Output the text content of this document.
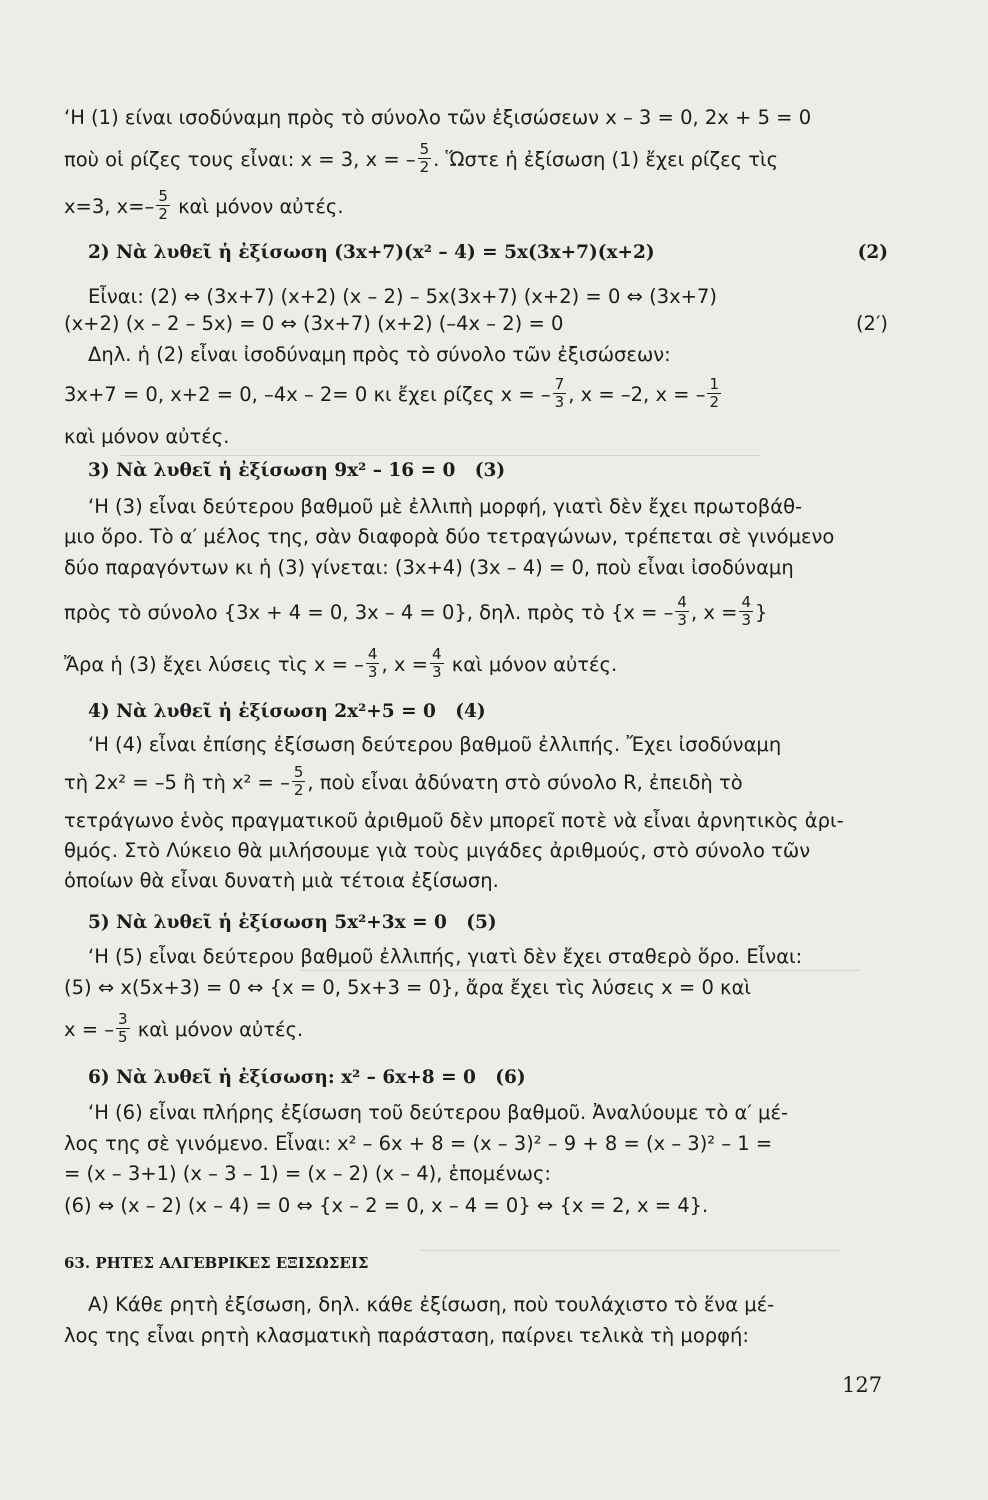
‘Η (1) είναι ισοδύναμη πρὸς τὸ σύνολο τῶν ἐξισώσεων x – 3 = 0, 2x + 5 = 0
ποὺ οἱ ρίζες τους εἶναι: x = 3, x = – $\frac{5}{2}$ . Ὥστε ἡ ἐξίσωση (1) ἔχει ρίζες τὶς
x=3, $x=- \frac{5}{2}$ καὶ μόνον αὐτές.
2) Νὰ λυθεῖ ἡ ἐξίσωση (3x+7)(x² – 4) = 5x(3x+7)(x+2)	(2)
Εἶναι: (2) ⇔ (3x+7) (x+2) (x – 2) – 5x(3x+7) (x+2) = 0 ⇔ (3x+7)
(x+2) (x – 2 – 5x) = 0 ⇔ (3x+7) (x+2) (–4x – 2) = 0	(2′)
Δηλ. ἡ (2) εἶναι ἰσοδύναμη πρὸς τὸ σύνολο τῶν ἐξισώσεων:
3x+7 = 0, x+2 = 0, –4x – 2= 0 κι ἔχει ρίζες x = – $\frac{7}{3}$ , x = –2, x = – $\frac{1}{2}$
καὶ μόνον αὐτές.
3) Νὰ λυθεῖ ἡ ἐξίσωση 9x² – 16 = 0 (3)
‘Η (3) εἶναι δεύτερου βαθμοῦ μὲ ἐλλιπὴ μορφή, γιατὶ δὲν ἔχει πρωτοβάθ-
μιο ὅρο. Τὸ α′ μέλος της, σὰν διαφορὰ δύο τετραγώνων, τρέπεται σὲ γινόμενο
δύο παραγόντων κι ἡ (3) γίνεται: (3x+4) (3x – 4) = 0, ποὺ εἶναι ἰσοδύναμη
πρὸς τὸ σύνολο {3x + 4 = 0, 3x – 4 = 0}, δηλ. πρὸς τὸ {x = – $\frac{4}{3}$ , $x = \frac{4}{3}$ }
Ἄρα ἡ (3) ἔχει λύσεις τὶς x = – $\frac{4}{3}$ , $x = \frac{4}{3}$ καὶ μόνον αὐτές.
4) Νὰ λυθεῖ ἡ ἐξίσωση 2x²+5 = 0 (4)
‘Η (4) εἶναι ἐπίσης ἐξίσωση δεύτερου βαθμοῦ ἐλλιπής. Ἔχει ἰσοδύναμη
τὴ 2x² = –5 ἢ τὴ x² = – $\frac{5}{2}$ , ποὺ εἶναι ἀδύνατη στὸ σύνολο R, ἐπειδὴ τὸ
τετράγωνο ἑνὸς πραγματικοῦ ἀριθμοῦ δὲν μπορεῖ ποτὲ νὰ εἶναι ἀρνητικὸς ἀρι-
θμός. Στὸ Λύκειο θὰ μιλήσουμε γιὰ τοὺς μιγάδες ἀριθμούς, στὸ σύνολο τῶν
ὁποίων θὰ εἶναι δυνατὴ μιὰ τέτοια ἐξίσωση.
5) Νὰ λυθεῖ ἡ ἐξίσωση 5x²+3x = 0 (5)
‘Η (5) εἶναι δεύτερου βαθμοῦ ἐλλιπής, γιατὶ δὲν ἔχει σταθερὸ ὅρο. Εἶναι:
(5) ⇔ x(5x+3) = 0 ⇔ {x = 0, 5x+3 = 0}, ἄρα ἔχει τὶς λύσεις x = 0 καὶ
x = – $\frac{3}{5}$ καὶ μόνον αὐτές.
6) Νὰ λυθεῖ ἡ ἐξίσωση: x² – 6x+8 = 0 (6)
‘Η (6) εἶναι πλήρης ἐξίσωση τοῦ δεύτερου βαθμοῦ. Ἀναλύουμε τὸ α′ μέ-
λος της σὲ γινόμενο. Εἶναι: x² – 6x + 8 = (x – 3)² – 9 + 8 = (x – 3)² – 1 =
= (x – 3+1) (x – 3 – 1) = (x – 2) (x – 4), ἑπομένως:
(6) ⇔ (x – 2) (x – 4) = 0 ⇔ {x – 2 = 0, x – 4 = 0} ⇔ {x = 2, x = 4}.
63. ΡΗΤΕΣ ΑΛΓΕΒΡΙΚΕΣ ΕΞΙΣΩΣΕΙΣ
Α) Κάθε ρητὴ ἐξίσωση, δηλ. κάθε ἐξίσωση, ποὺ τουλάχιστο τὸ ἕνα μέ-
λος της εἶναι ρητὴ κλασματικὴ παράσταση, παίρνει τελικὰ τὴ μορφή:
127
